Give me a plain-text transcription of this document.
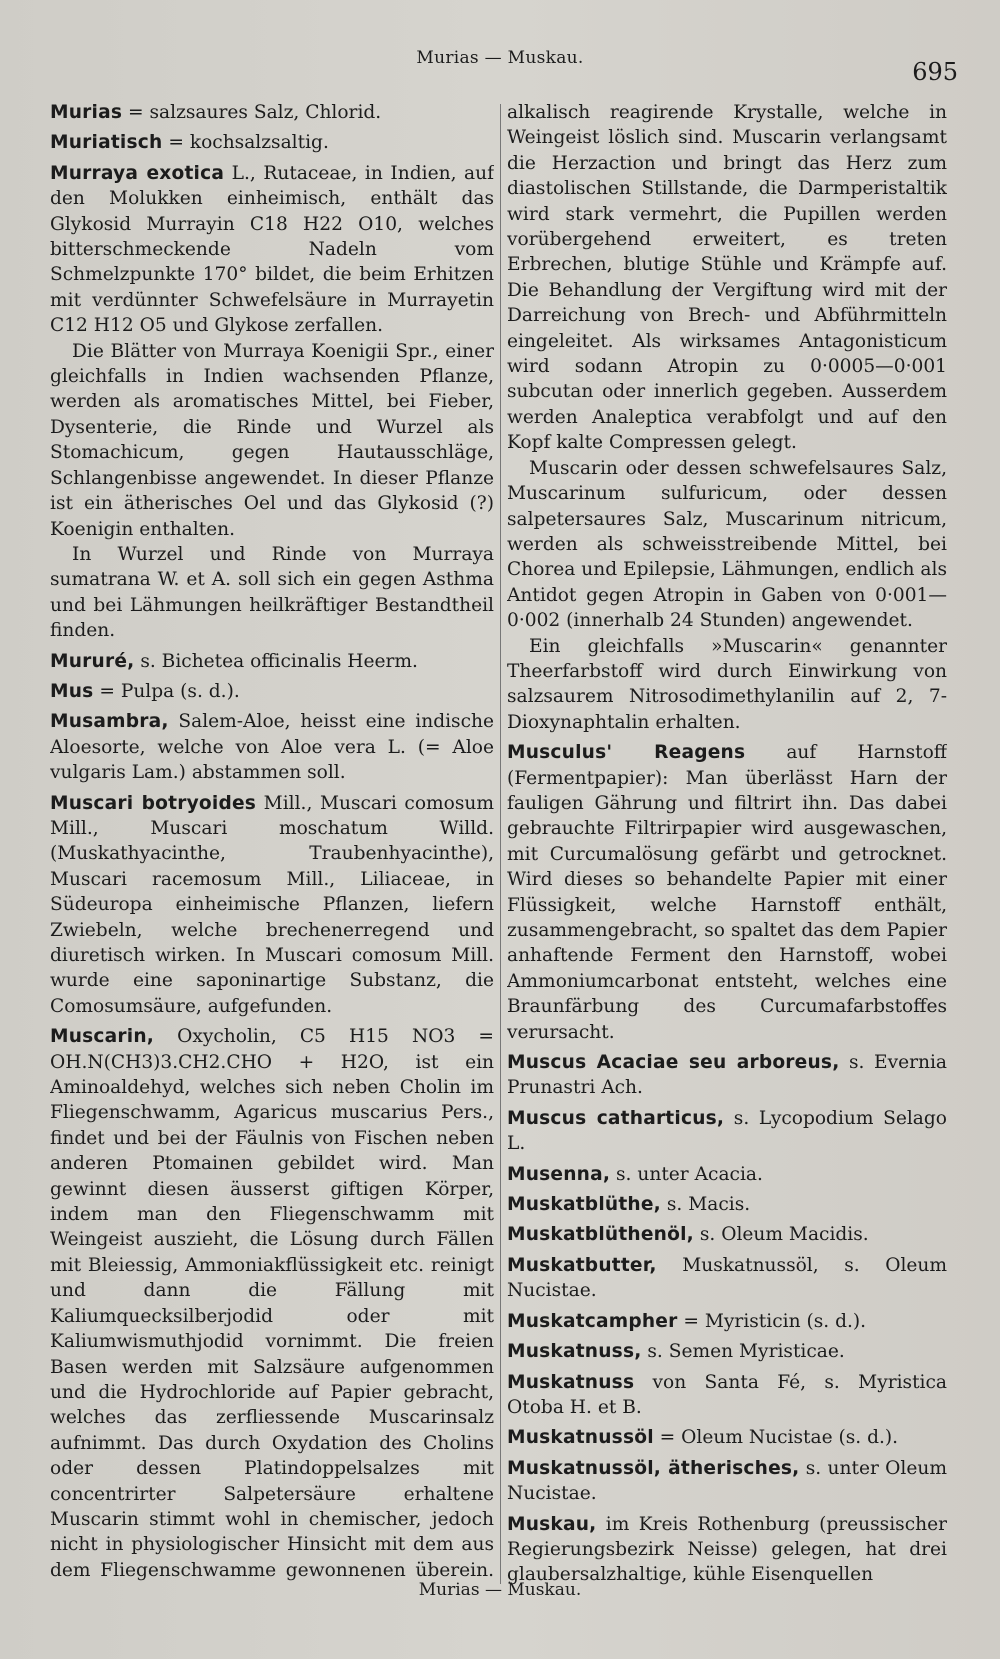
Murias — Muskau.	695
Murias = salzsaures Salz, Chlorid.
Muriatisch = kochsalzsaltig.
Murraya exotica L., Rutaceae, in Indien, auf den Molukken einheimisch, enthält das Glykosid Murrayin C18 H22 O10, welches bitterschmeckende Nadeln vom Schmelzpunkte 170° bildet, die beim Erhitzen mit verdünnter Schwefelsäure in Murrayetin C12 H12 O5 und Glykose zerfallen.

Die Blätter von Murraya Koenigii Spr., einer gleichfalls in Indien wachsenden Pflanze, werden als aromatisches Mittel, bei Fieber, Dysenterie, die Rinde und Wurzel als Stomachicum, gegen Hautausschläge, Schlangenbisse angewendet. In dieser Pflanze ist ein ätherisches Oel und das Glykosid (?) Koenigin enthalten.

In Wurzel und Rinde von Murraya sumatrana W. et A. soll sich ein gegen Asthma und bei Lähmungen heilkräftiger Bestandtheil finden.

Mururé, s. Bichetea officinalis Heerm.
Mus = Pulpa (s. d.).
Musambra, Salem-Aloe, heisst eine indische Aloesorte, welche von Aloe vera L. (= Aloe vulgaris Lam.) abstammen soll.
Muscari botryoides Mill., Muscari comosum Mill., Muscari moschatum Willd. (Muskathyacinthe, Traubenhyacinthe), Muscari racemosum Mill., Liliaceae, in Südeuropa einheimische Pflanzen, liefern Zwiebeln, welche brechenerregend und diuretisch wirken. In Muscari comosum Mill. wurde eine saponinartige Substanz, die Comosumsäure, aufgefunden.
Muscarin, Oxycholin, C5 H15 NO3 = OH.N(CH3)3.CH2.CHO + H2O, ist ein Aminoaldehyd, welches sich neben Cholin im Fliegenschwamm, Agaricus muscarius Pers., findet und bei der Fäulnis von Fischen neben anderen Ptomainen gebildet wird. Man gewinnt diesen äusserst giftigen Körper, indem man den Fliegenschwamm mit Weingeist auszieht, die Lösung durch Fällen mit Bleiessig, Ammoniakflüssigkeit etc. reinigt und dann die Fällung mit Kaliumquecksilberjodid oder mit Kaliumwismuthjodid vornimmt. Die freien Basen werden mit Salzsäure aufgenommen und die Hydrochloride auf Papier gebracht, welches das zerfliessende Muscarinsalz aufnimmt. Das durch Oxydation des Cholins oder dessen Platindoppelsalzes mit concentrirter Salpetersäure erhaltene Muscarin stimmt wohl in chemischer, jedoch nicht in physiologischer Hinsicht mit dem aus dem Fliegenschwamme gewonnenen überein.
alkalisch reagirende Krystalle, welche in Weingeist löslich sind. Muscarin verlangsamt die Herzaction und bringt das Herz zum diastolischen Stillstande, die Darmperistaltik wird stark vermehrt, die Pupillen werden vorübergehend erweitert, es treten Erbrechen, blutige Stühle und Krämpfe auf. Die Behandlung der Vergiftung wird mit der Darreichung von Brech- und Abführmitteln eingeleitet. Als wirksames Antagonisticum wird sodann Atropin zu 0·0005—0·001 subcutan oder innerlich gegeben. Ausserdem werden Analeptica verabfolgt und auf den Kopf kalte Compressen gelegt.

Muscarin oder dessen schwefelsaures Salz, Muscarinum sulfuricum, oder dessen salpetersaures Salz, Muscarinum nitricum, werden als schweisstreibende Mittel, bei Chorea und Epilepsie, Lähmungen, endlich als Antidot gegen Atropin in Gaben von 0·001—0·002 (innerhalb 24 Stunden) angewendet.

Ein gleichfalls »Muscarin« genannter Theerfarbstoff wird durch Einwirkung von salzsaurem Nitrosodimethylanilin auf 2, 7-Dioxynaphtalin erhalten.

Musculus' Reagens auf Harnstoff (Fermentpapier): Man überlässt Harn der fauligen Gährung und filtrirt ihn. Das dabei gebrauchte Filtrirpapier wird ausgewaschen, mit Curcumalösung gefärbt und getrocknet. Wird dieses so behandelte Papier mit einer Flüssigkeit, welche Harnstoff enthält, zusammengebracht, so spaltet das dem Papier anhaftende Ferment den Harnstoff, wobei Ammoniumcarbonat entsteht, welches eine Braunfärbung des Curcumafarbstoffes verursacht.
Muscus Acaciae seu arboreus, s. Evernia Prunastri Ach.
Muscus catharticus, s. Lycopodium Selago L.
Musenna, s. unter Acacia.
Muskatblüthe, s. Macis.
Muskatblüthenöl, s. Oleum Macidis.
Muskatbutter, Muskatnussöl, s. Oleum Nucistae.
Muskatcampher = Myristicin (s. d.).
Muskatnuss, s. Semen Myristicae.
Muskatnuss von Santa Fé, s. Myristica Otoba H. et B.
Muskatnussöl = Oleum Nucistae (s. d.).
Muskatnussöl, ätherisches, s. unter Oleum Nucistae.
Muskau, im Kreis Rothenburg (preussischer Regierungsbezirk Neisse) gelegen, hat drei glaubersalzhaltige, kühle Eisenquellen
Murias — Muskau.
